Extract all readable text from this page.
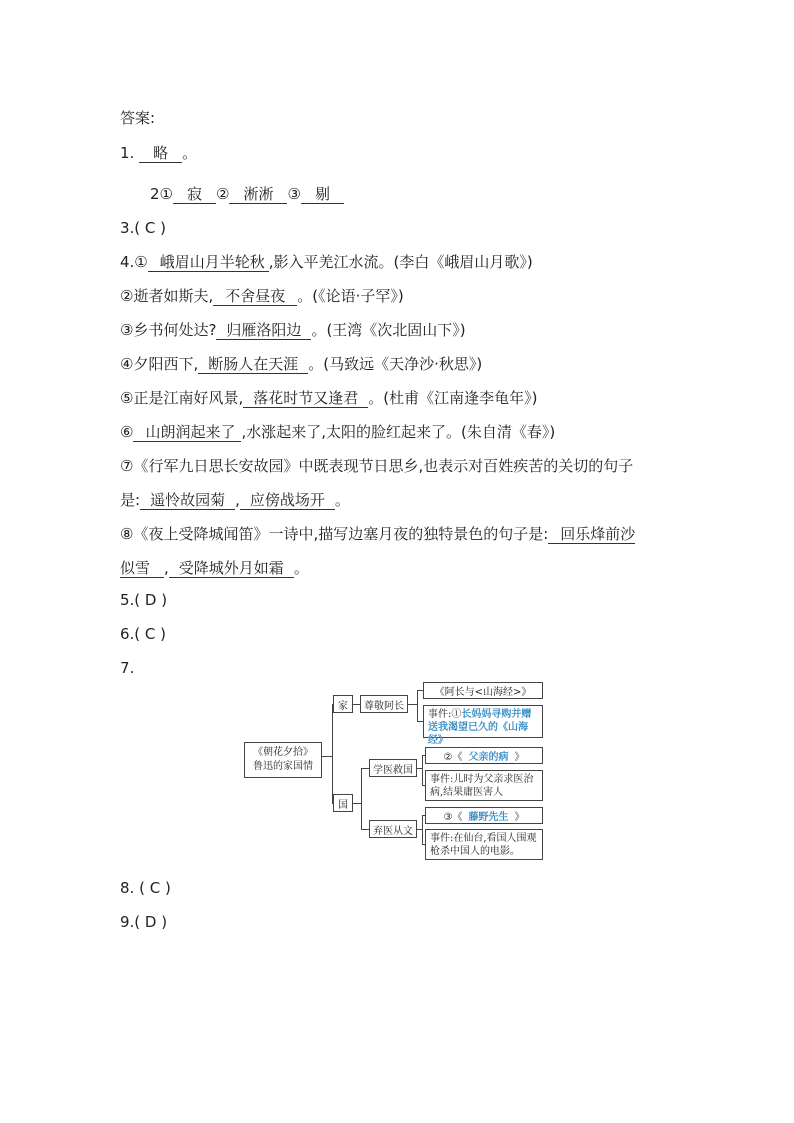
答案:
1. 略 。
2① 寂 ② 淅淅 ③ 剔
3.( C )
4.① 峨眉山月半轮秋 ,影入平羌江水流。(李白《峨眉山月歌》)
②逝者如斯夫, 不舍昼夜 。(《论语·子罕》)
③乡书何处达? 归雁洛阳边 。(王湾《次北固山下》)
④夕阳西下, 断肠人在天涯 。(马致远《天净沙·秋思》)
⑤正是江南好风景, 落花时节又逢君 。(杜甫《江南逢李龟年》)
⑥ 山朗润起来了 ,水涨起来了,太阳的脸红起来了。(朱自清《春》)
⑦《行军九日思长安故园》中既表现节日思乡,也表示对百姓疾苦的关切的句子
是: 遥怜故园菊 , 应傍战场开 。
⑧《夜上受降城闻笛》一诗中,描写边塞月夜的独特景色的句子是: 回乐烽前沙
似雪 , 受降城外月如霜 。
5.( D )
6.( C )
7.
《朝花夕拾》
鲁迅的家国情
家
国
尊敬阿长
学医救国
弃医从文
《阿长与<山海经>》
事件:①长妈妈寻购并赠送我渴望已久的《山海经》
②《 父亲的病 》
事件:儿时为父亲求医治病,结果庸医害人
③《 藤野先生 》
事件:在仙台,看国人围观枪杀中国人的电影。
8. ( C )
9.( D )
